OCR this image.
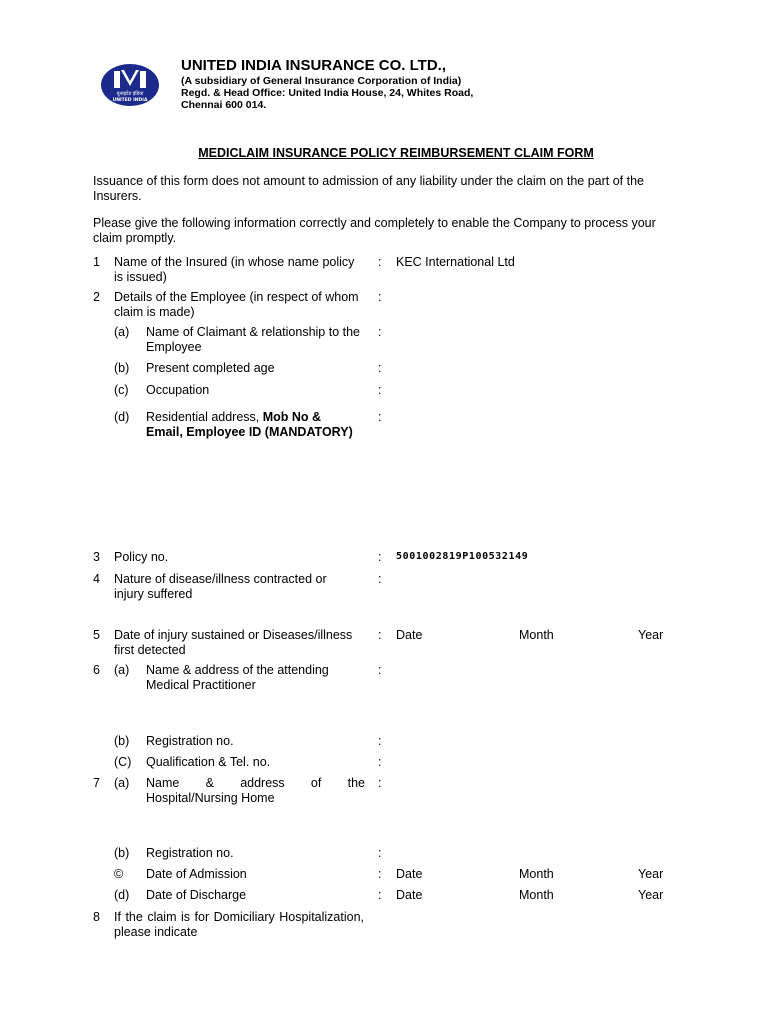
यूनाइटेड इंडिया
UNITED INDIA
UNITED INDIA INSURANCE CO. LTD.,
(A subsidiary of General Insurance Corporation of India)
Regd. & Head Office: United India House, 24, Whites Road,
Chennai 600 014.
MEDICLAIM INSURANCE POLICY REIMBURSEMENT CLAIM FORM
Issuance of this form does not amount to admission of any liability under the claim on the part of the Insurers.
Please give the following information correctly and completely to enable the Company to process your claim promptly.
1 Name of the Insured (in whose name policy is issued)
: KEC International Ltd
2 Details of the Employee (in respect of whom claim is made)
:
(a) Name of Claimant & relationship to the Employee
:
(b) Present completed age	:
(c) Occupation	:
(d) Residential address, Mob No &
Email, Employee ID (MANDATORY)
:
3 Policy no.	: 5001002819P100532149
4 Nature of disease/illness contracted or injury suffered
:
5 Date of injury sustained or Diseases/illness first detected
: Date	Month	Year
6 (a) Name & address of the attending Medical Practitioner
:
(b) Registration no.	:
(C) Qualification & Tel. no.	:
7 (a) Name & address of the Hospital/Nursing Home
:
(b) Registration no.	:
© Date of Admission	: Date	Month	Year
(d) Date of Discharge	: Date	Month	Year
8 If the claim is for Domiciliary Hospitalization, please indicate
